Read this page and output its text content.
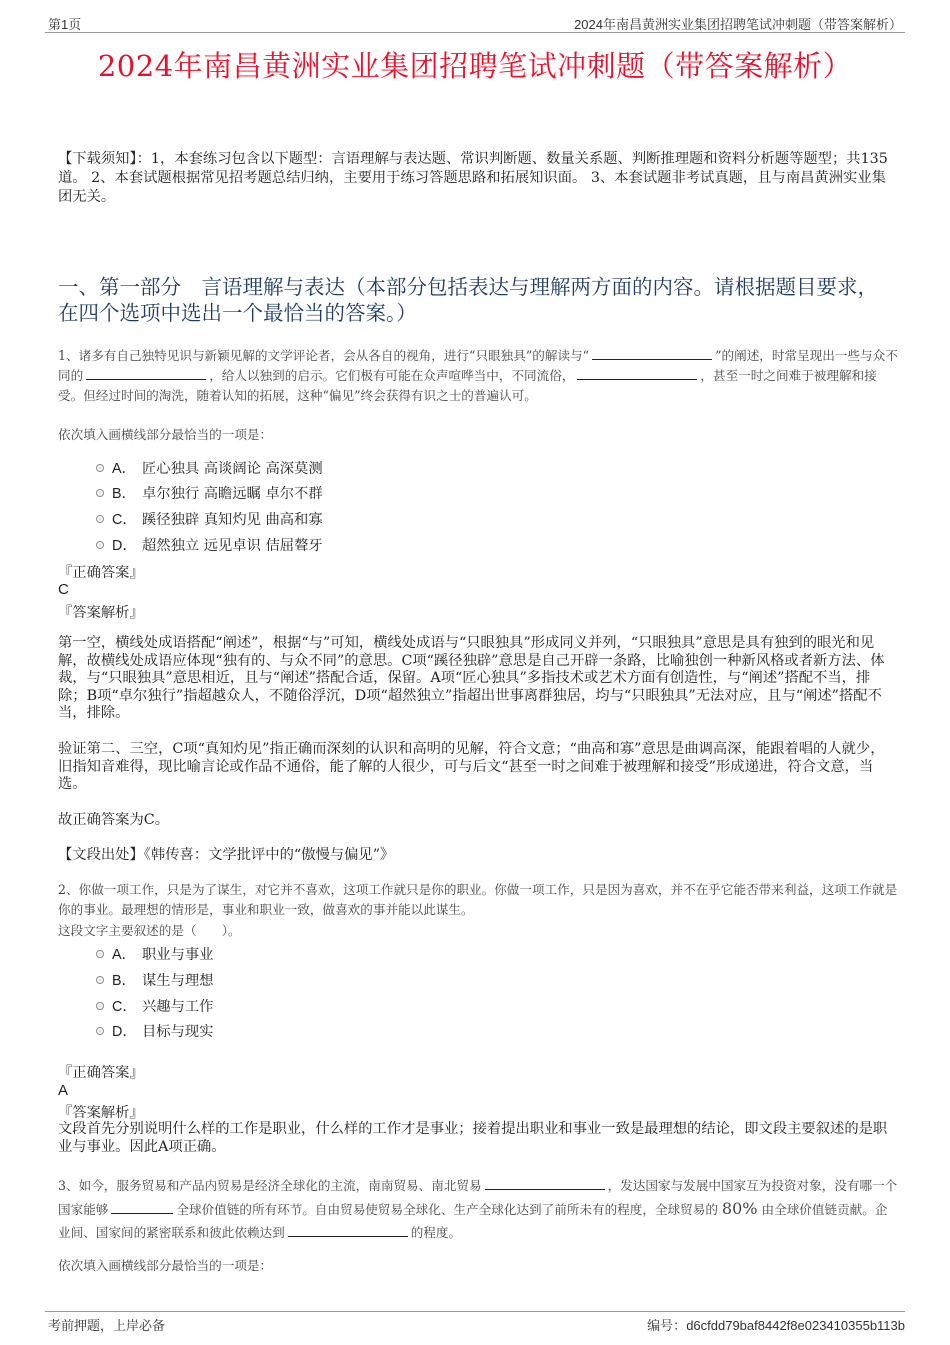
第1页	2024年南昌黄洲实业集团招聘笔试冲刺题（带答案解析）
2024年南昌黄洲实业集团招聘笔试冲刺题（带答案解析）
【下载须知】：1，本套练习包含以下题型：言语理解与表达题、常识判断题、数量关系题、判断推理题和资料分析题等题型；共135道。 2、本套试题根据常见招考题总结归纳，主要用于练习答题思路和拓展知识面。 3、本套试题非考试真题，且与南昌黄洲实业集团无关。
一、第一部分　言语理解与表达（本部分包括表达与理解两方面的内容。请根据题目要求，在四个选项中选出一个最恰当的答案。）
1、诸多有自己独特见识与新颖见解的文学评论者，会从各自的视角，进行“只眼独具”的解读与“	”的阐述，时常呈现出一些与众不同的	，给人以独到的启示。它们极有可能在众声喧哗当中，不同流俗，	，甚至一时之间难于被理解和接受。但经过时间的淘洗，随着认知的拓展，这种“偏见”终会获得有识之士的普遍认可。
依次填入画横线部分最恰当的一项是：
A． 匠心独具 高谈阔论 高深莫测
B． 卓尔独行 高瞻远瞩 卓尔不群
C． 蹊径独辟 真知灼见 曲高和寡
D． 超然独立 远见卓识 佶屈聱牙
『正确答案』
C
『答案解析』
第一空，横线处成语搭配“阐述”，根据“与”可知，横线处成语与“只眼独具”形成同义并列，“只眼独具”意思是具有独到的眼光和见解，故横线处成语应体现“独有的、与众不同”的意思。C项“蹊径独辟”意思是自己开辟一条路，比喻独创一种新风格或者新方法、体裁，与“只眼独具”意思相近，且与“阐述”搭配合适，保留。A项“匠心独具”多指技术或艺术方面有创造性，与“阐述”搭配不当，排除；B项“卓尔独行”指超越众人，不随俗浮沉，D项“超然独立”指超出世事离群独居，均与“只眼独具”无法对应，且与“阐述”搭配不当，排除。
验证第二、三空，C项“真知灼见”指正确而深刻的认识和高明的见解，符合文意；“曲高和寡”意思是曲调高深，能跟着唱的人就少，旧指知音难得，现比喻言论或作品不通俗，能了解的人很少，可与后文“甚至一时之间难于被理解和接受”形成递进，符合文意，当选。
故正确答案为C。
【文段出处】《韩传喜：文学批评中的“傲慢与偏见”》
2、你做一项工作，只是为了谋生，对它并不喜欢，这项工作就只是你的职业。你做一项工作，只是因为喜欢，并不在乎它能否带来利益，这项工作就是你的事业。最理想的情形是，事业和职业一致，做喜欢的事并能以此谋生。
这段文字主要叙述的是（　　）。
A． 职业与事业
B． 谋生与理想
C． 兴趣与工作
D． 目标与现实
『正确答案』
A
『答案解析』
文段首先分别说明什么样的工作是职业，什么样的工作才是事业；接着提出职业和事业一致是最理想的结论，即文段主要叙述的是职业与事业。因此A项正确。
3、如今，服务贸易和产品内贸易是经济全球化的主流，南南贸易、南北贸易	，发达国家与发展中国家互为投资对象，没有哪一个国家能够	全球价值链的所有环节。自由贸易使贸易全球化、生产全球化达到了前所未有的程度，全球贸易的 80% 由全球价值链贡献。企业间、国家间的紧密联系和彼此依赖达到	的程度。
依次填入画横线部分最恰当的一项是：
考前押题，上岸必备	编号：d6cfdd79baf8442f8e023410355b113b
